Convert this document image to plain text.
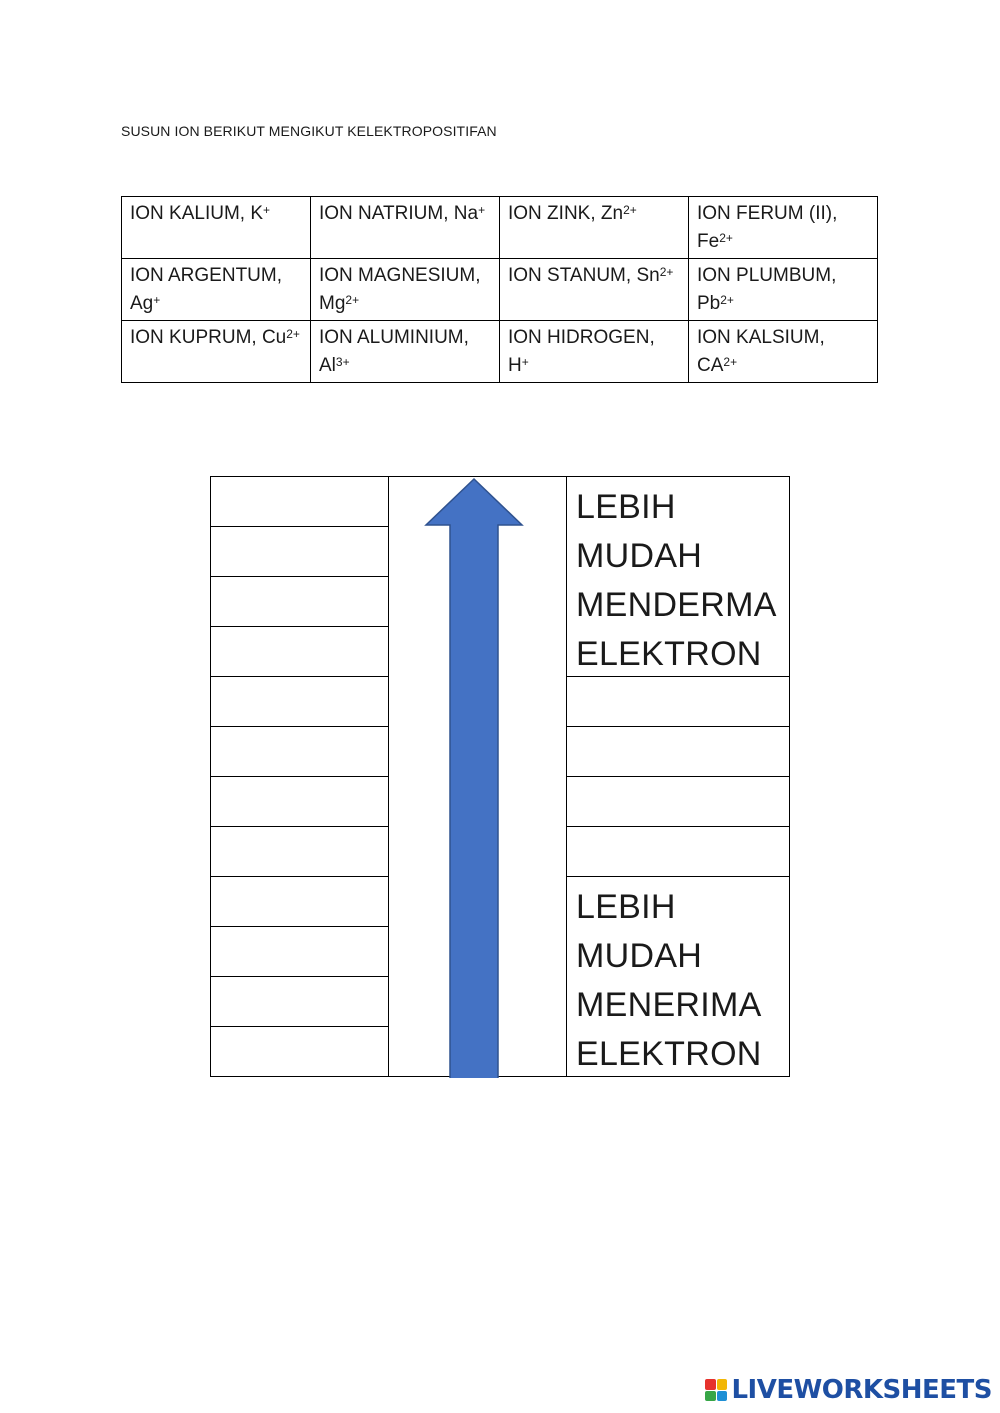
SUSUN ION BERIKUT MENGIKUT KELEKTROPOSITIFAN
ION KALIUM, K+	ION NATRIUM, Na+	ION ZINK, $Zn^{2+}$	ION FERUM (II), $Fe^{2+}$
ION ARGENTUM, Ag+	ION MAGNESIUM, $Mg^{2+}$	ION STANUM, $Sn^{2+}$	ION PLUMBUM, $Pb^{2+}$
ION KUPRUM, $Cu^{2+}$	ION ALUMINIUM, $Al^{3+}$	ION HIDROGEN, H+	ION KALSIUM, $CA^{2+}$
LEBIH
MUDAH
MENDERMA
ELEKTRON
LEBIH
MUDAH
MENERIMA
ELEKTRON
LIVEWORKSHEETS
